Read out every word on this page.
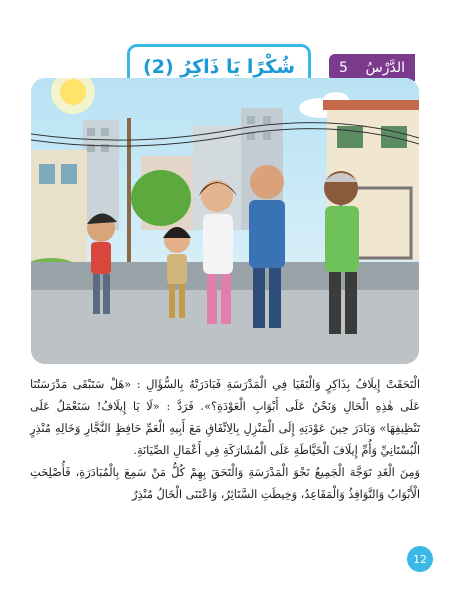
شُكْرًا يَا ذَاكِرُ (2)	الدَّرْسُ
5

الْتَحَقَتْ إِيلَافُ بِذَاكِرٍ وَالْتَقَيَا فِي الْمَدْرَسَةِ فَبَادَرَتْهُ بِالسُّؤَالِ : «هَلْ سَتَبْقَى مَدْرَسَتُنَا عَلَى هٰذِهِ الْحَالِ وَنَحْنُ عَلَى أَبْوَابِ الْعَوْدَةِ؟». فَرَدَّ : «لَا يَا إِيلَافُ! سَنَعْمَلُ عَلَى تَنْظِيفِهَا» وَبَادَرَ حِينَ عَوْدَتِهِ إِلَى الْمَنْزِلِ بِالِاتِّفَاقِ مَعَ أَبِيهِ الْعَمِّ حَافِظٍ النَّجَّارِ وَخَالِهِ مُنْذِرٍ الْبُسْتَانِيِّ وَأُمِّ إِيلَافَ الْخَيَّاطَةِ عَلَى الْمُشَارَكَةِ فِي أَعْمَالِ الصِّيَانَةِ.

وَمِنَ الْغَدِ تَوَجَّهَ الْجَمِيعُ نَحْوَ الْمَدْرَسَةِ وَالْتَحَقَ بِهِمْ كُلُّ مَنْ سَمِعَ بِالْمُبَادَرَةِ، فَأُصْلِحَتِ الْأَبْوَابُ وَالنَّوَافِذُ وَالْمَقَاعِدُ، وَخِيطَتِ السَّتَائِرُ، وَاعْتَنَى الْخَالُ مُنْذِرٌ

12
